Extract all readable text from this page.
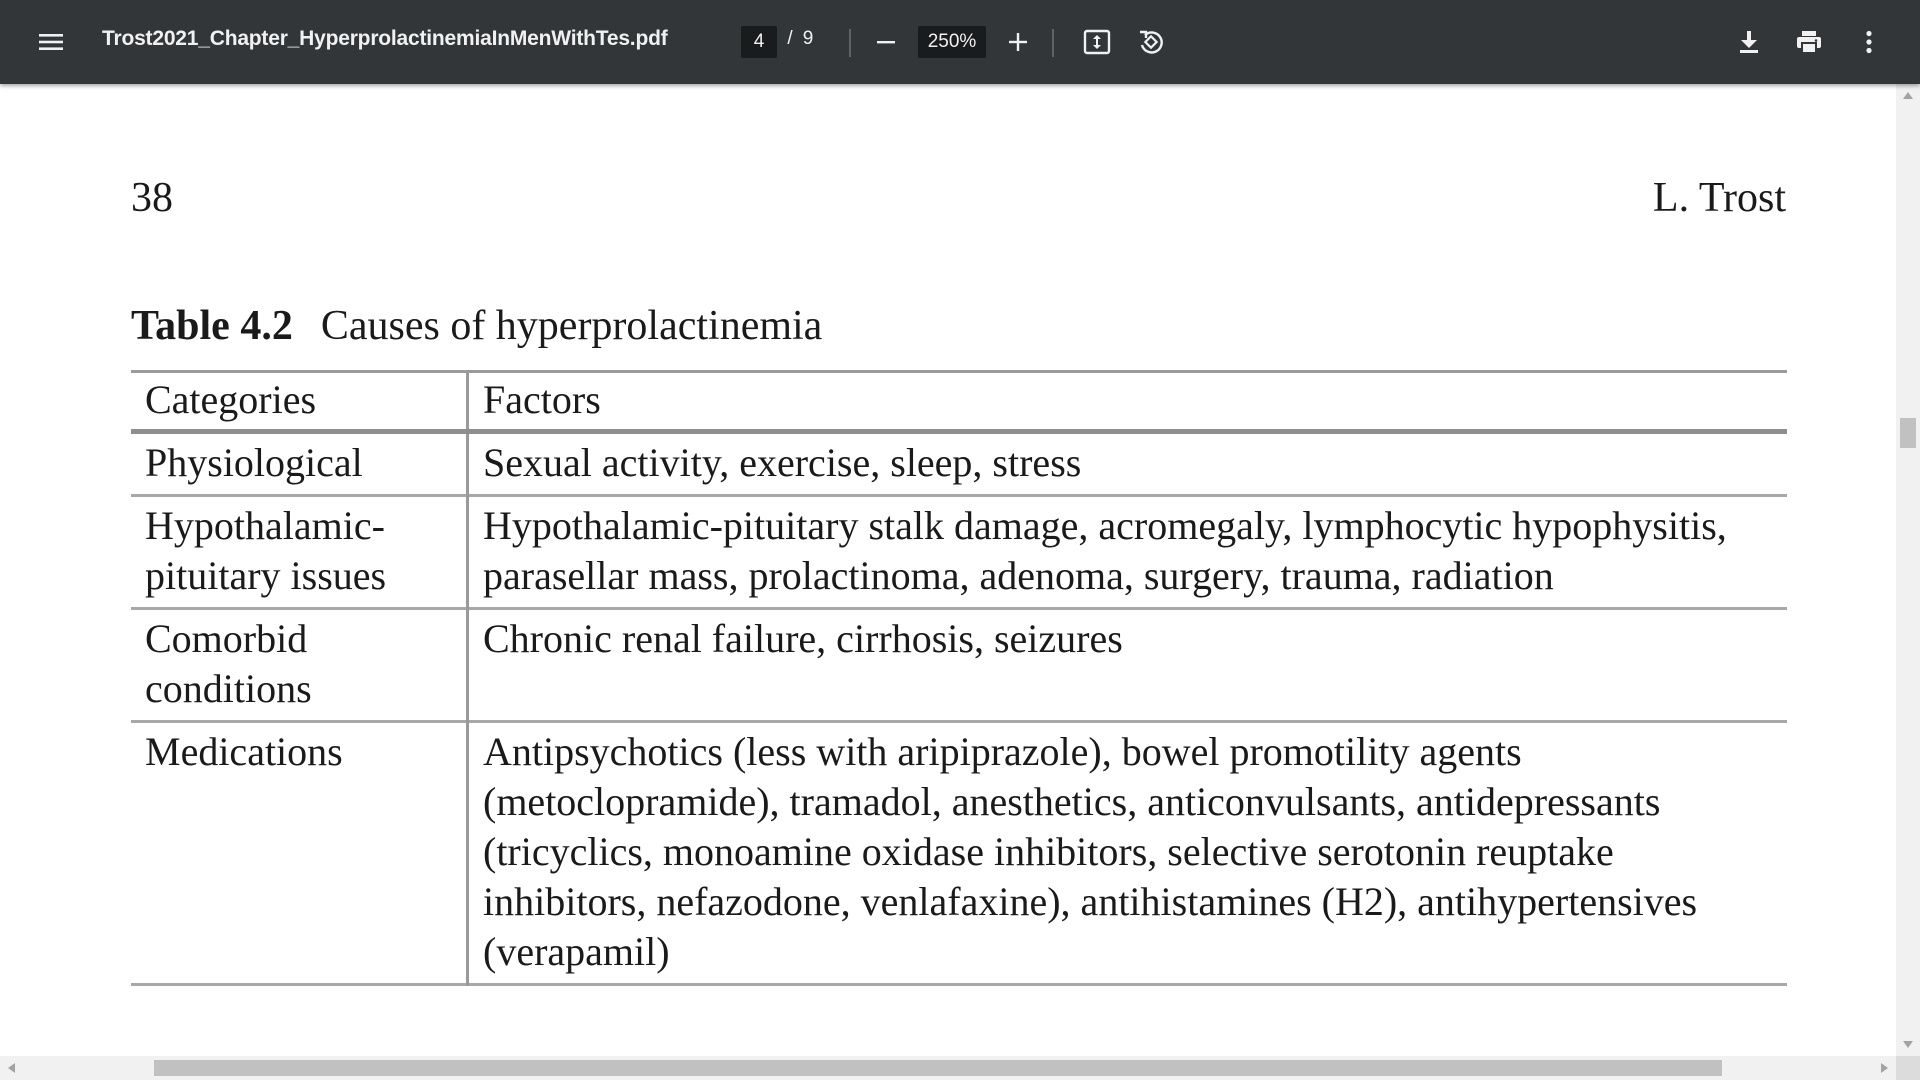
Trost2021_Chapter_HyperprolactinemiaInMenWithTes.pdf	4	/ 9	250%
38	L. Trost
Table 4.2 Causes of hyperprolactinemia
Categories	Factors
Physiological	Sexual activity, exercise, sleep, stress
Hypothalamic-pituitary issues	Hypothalamic-pituitary stalk damage, acromegaly, lymphocytic hypophysitis, parasellar mass, prolactinoma, adenoma, surgery, trauma, radiation
Comorbid conditions	Chronic renal failure, cirrhosis, seizures
Medications	Antipsychotics (less with aripiprazole), bowel promotility agents (metoclopramide), tramadol, anesthetics, anticonvulsants, antidepressants (tricyclics, monoamine oxidase inhibitors, selective serotonin reuptake inhibitors, nefazodone, venlafaxine), antihistamines (H2), antihypertensives (verapamil)
